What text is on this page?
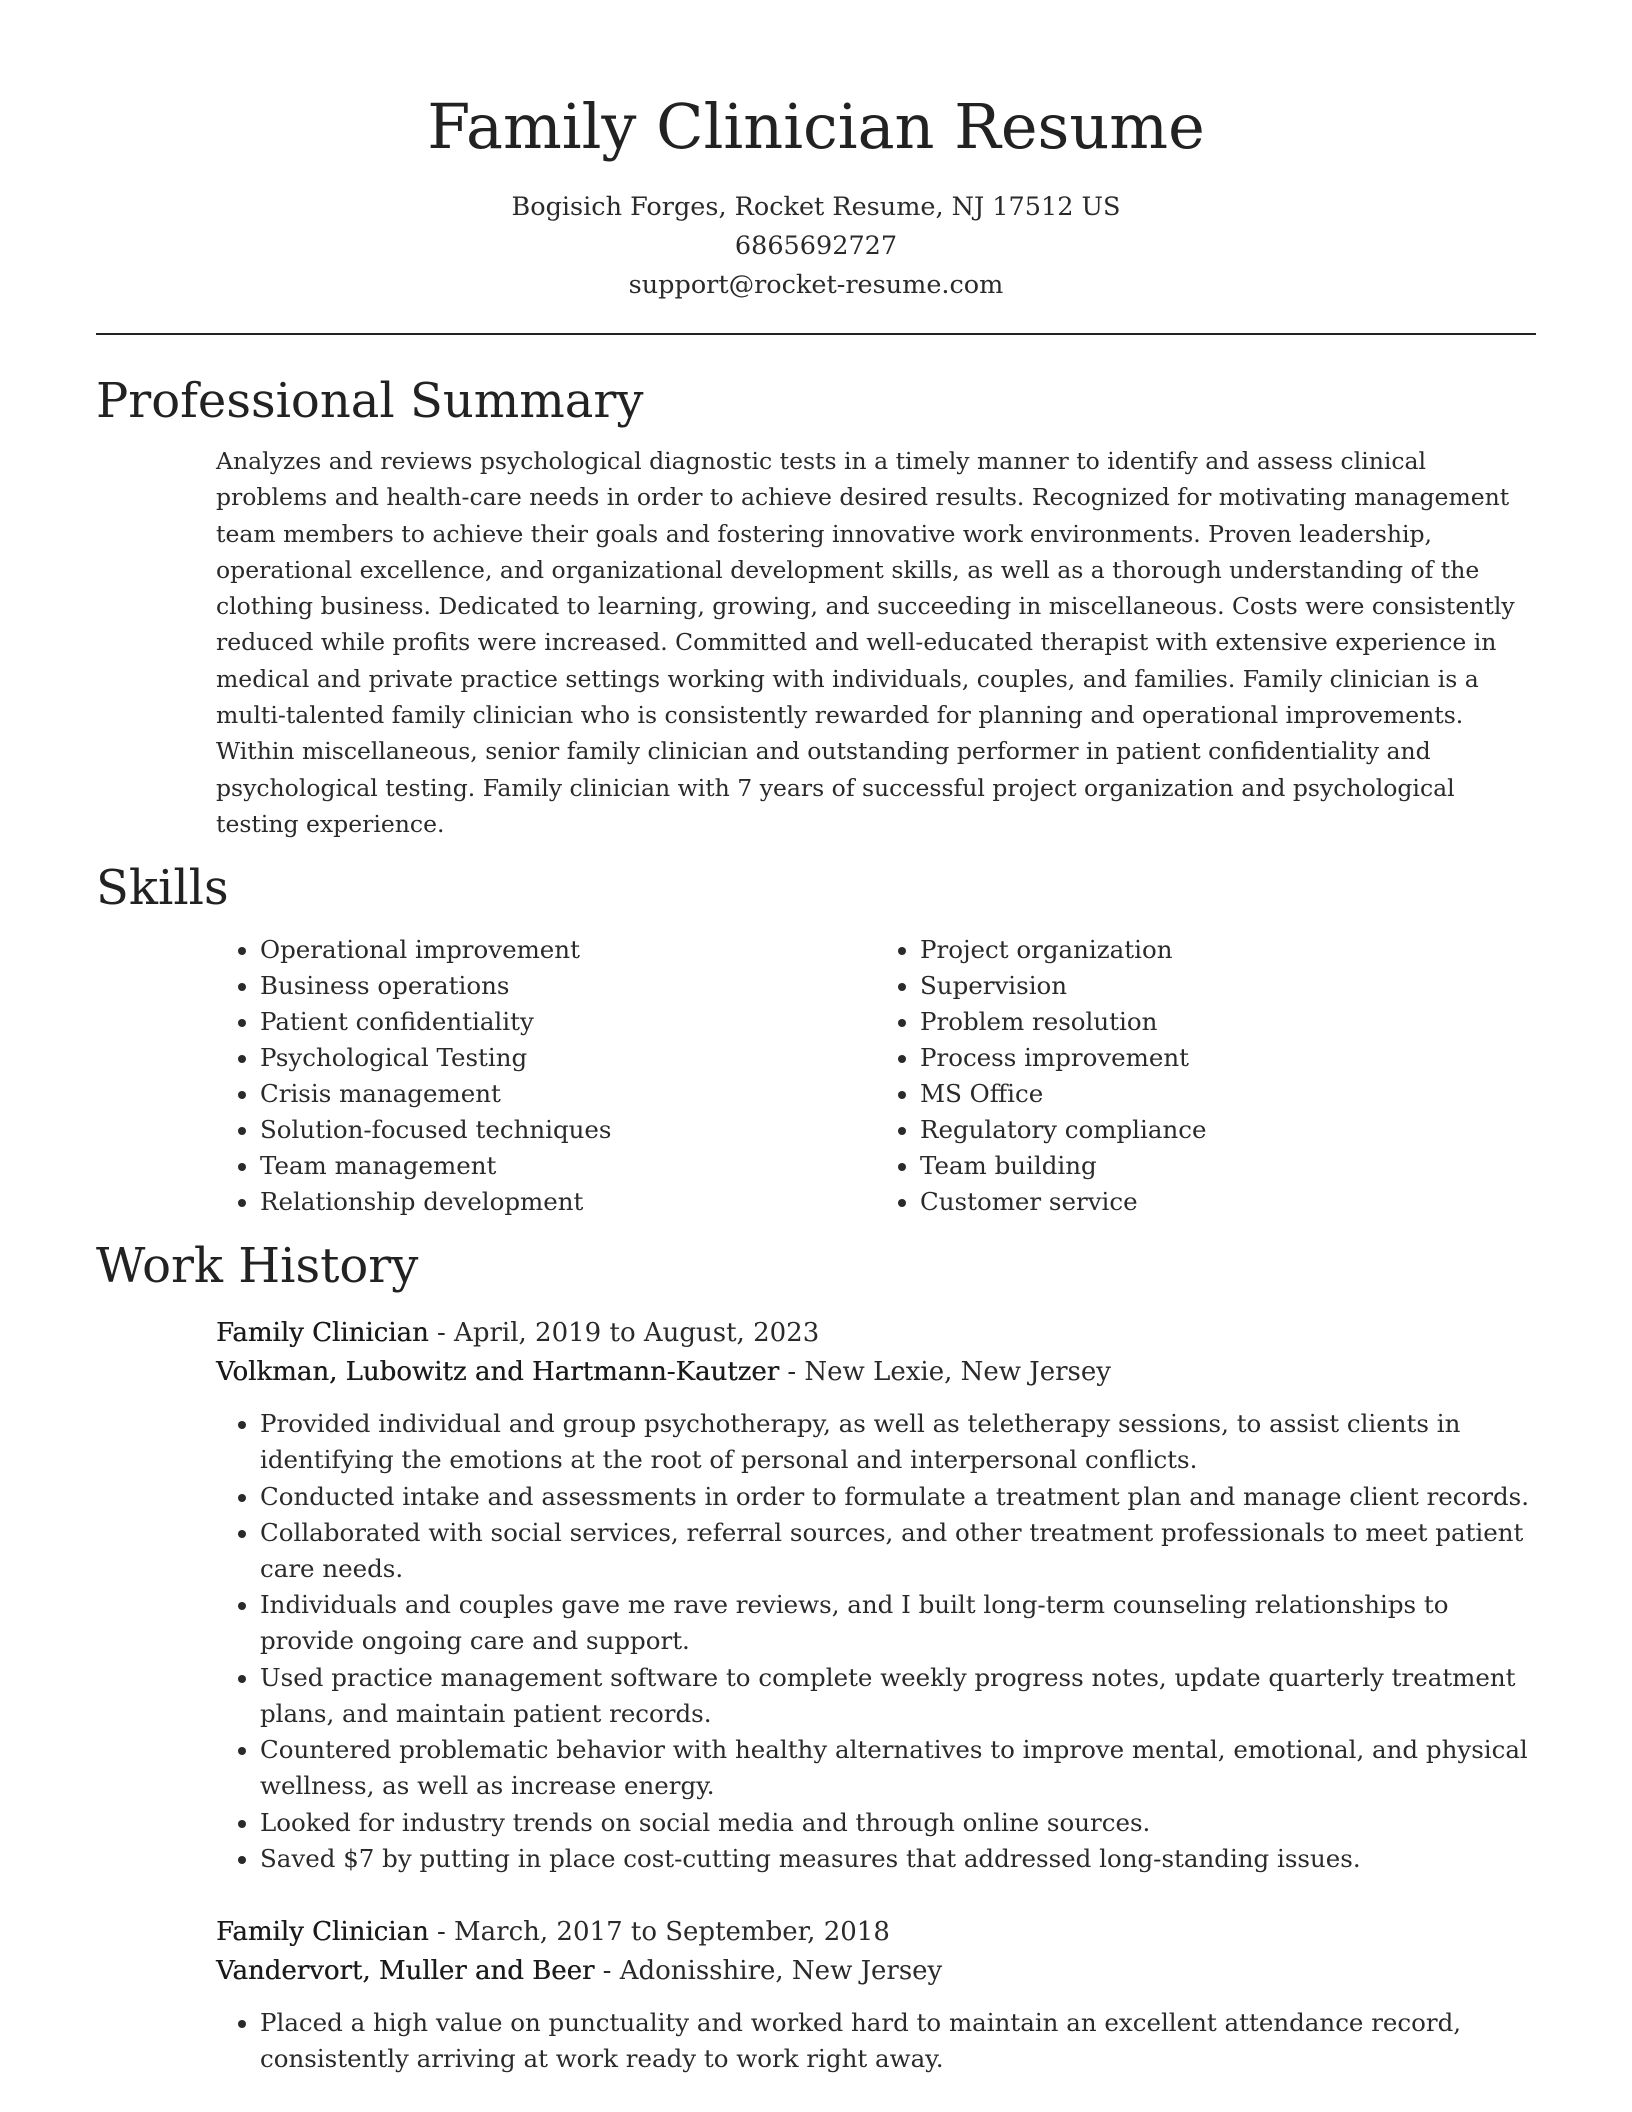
Family Clinician Resume
Bogisich Forges, Rocket Resume, NJ 17512 US
6865692727
support@rocket-resume.com
Professional Summary
Analyzes and reviews psychological diagnostic tests in a timely manner to identify and assess clinical problems and health-care needs in order to achieve desired results. Recognized for motivating management team members to achieve their goals and fostering innovative work environments. Proven leadership, operational excellence, and organizational development skills, as well as a thorough understanding of the clothing business. Dedicated to learning, growing, and succeeding in miscellaneous. Costs were consistently reduced while profits were increased. Committed and well-educated therapist with extensive experience in medical and private practice settings working with individuals, couples, and families. Family clinician is a multi-talented family clinician who is consistently rewarded for planning and operational improvements. Within miscellaneous, senior family clinician and outstanding performer in patient confidentiality and psychological testing. Family clinician with 7 years of successful project organization and psychological testing experience.
Skills
• Operational improvement
• Business operations
• Patient confidentiality
• Psychological Testing
• Crisis management
• Solution-focused techniques
• Team management
• Relationship development
• Project organization
• Supervision
• Problem resolution
• Process improvement
• MS Office
• Regulatory compliance
• Team building
• Customer service
Work History
Family Clinician - April, 2019 to August, 2023
Volkman, Lubowitz and Hartmann-Kautzer - New Lexie, New Jersey
• Provided individual and group psychotherapy, as well as teletherapy sessions, to assist clients in identifying the emotions at the root of personal and interpersonal conflicts.
• Conducted intake and assessments in order to formulate a treatment plan and manage client records.
• Collaborated with social services, referral sources, and other treatment professionals to meet patient care needs.
• Individuals and couples gave me rave reviews, and I built long-term counseling relationships to provide ongoing care and support.
• Used practice management software to complete weekly progress notes, update quarterly treatment plans, and maintain patient records.
• Countered problematic behavior with healthy alternatives to improve mental, emotional, and physical wellness, as well as increase energy.
• Looked for industry trends on social media and through online sources.
• Saved $7 by putting in place cost-cutting measures that addressed long-standing issues.
Family Clinician - March, 2017 to September, 2018
Vandervort, Muller and Beer - Adonisshire, New Jersey
• Placed a high value on punctuality and worked hard to maintain an excellent attendance record, consistently arriving at work ready to work right away.
